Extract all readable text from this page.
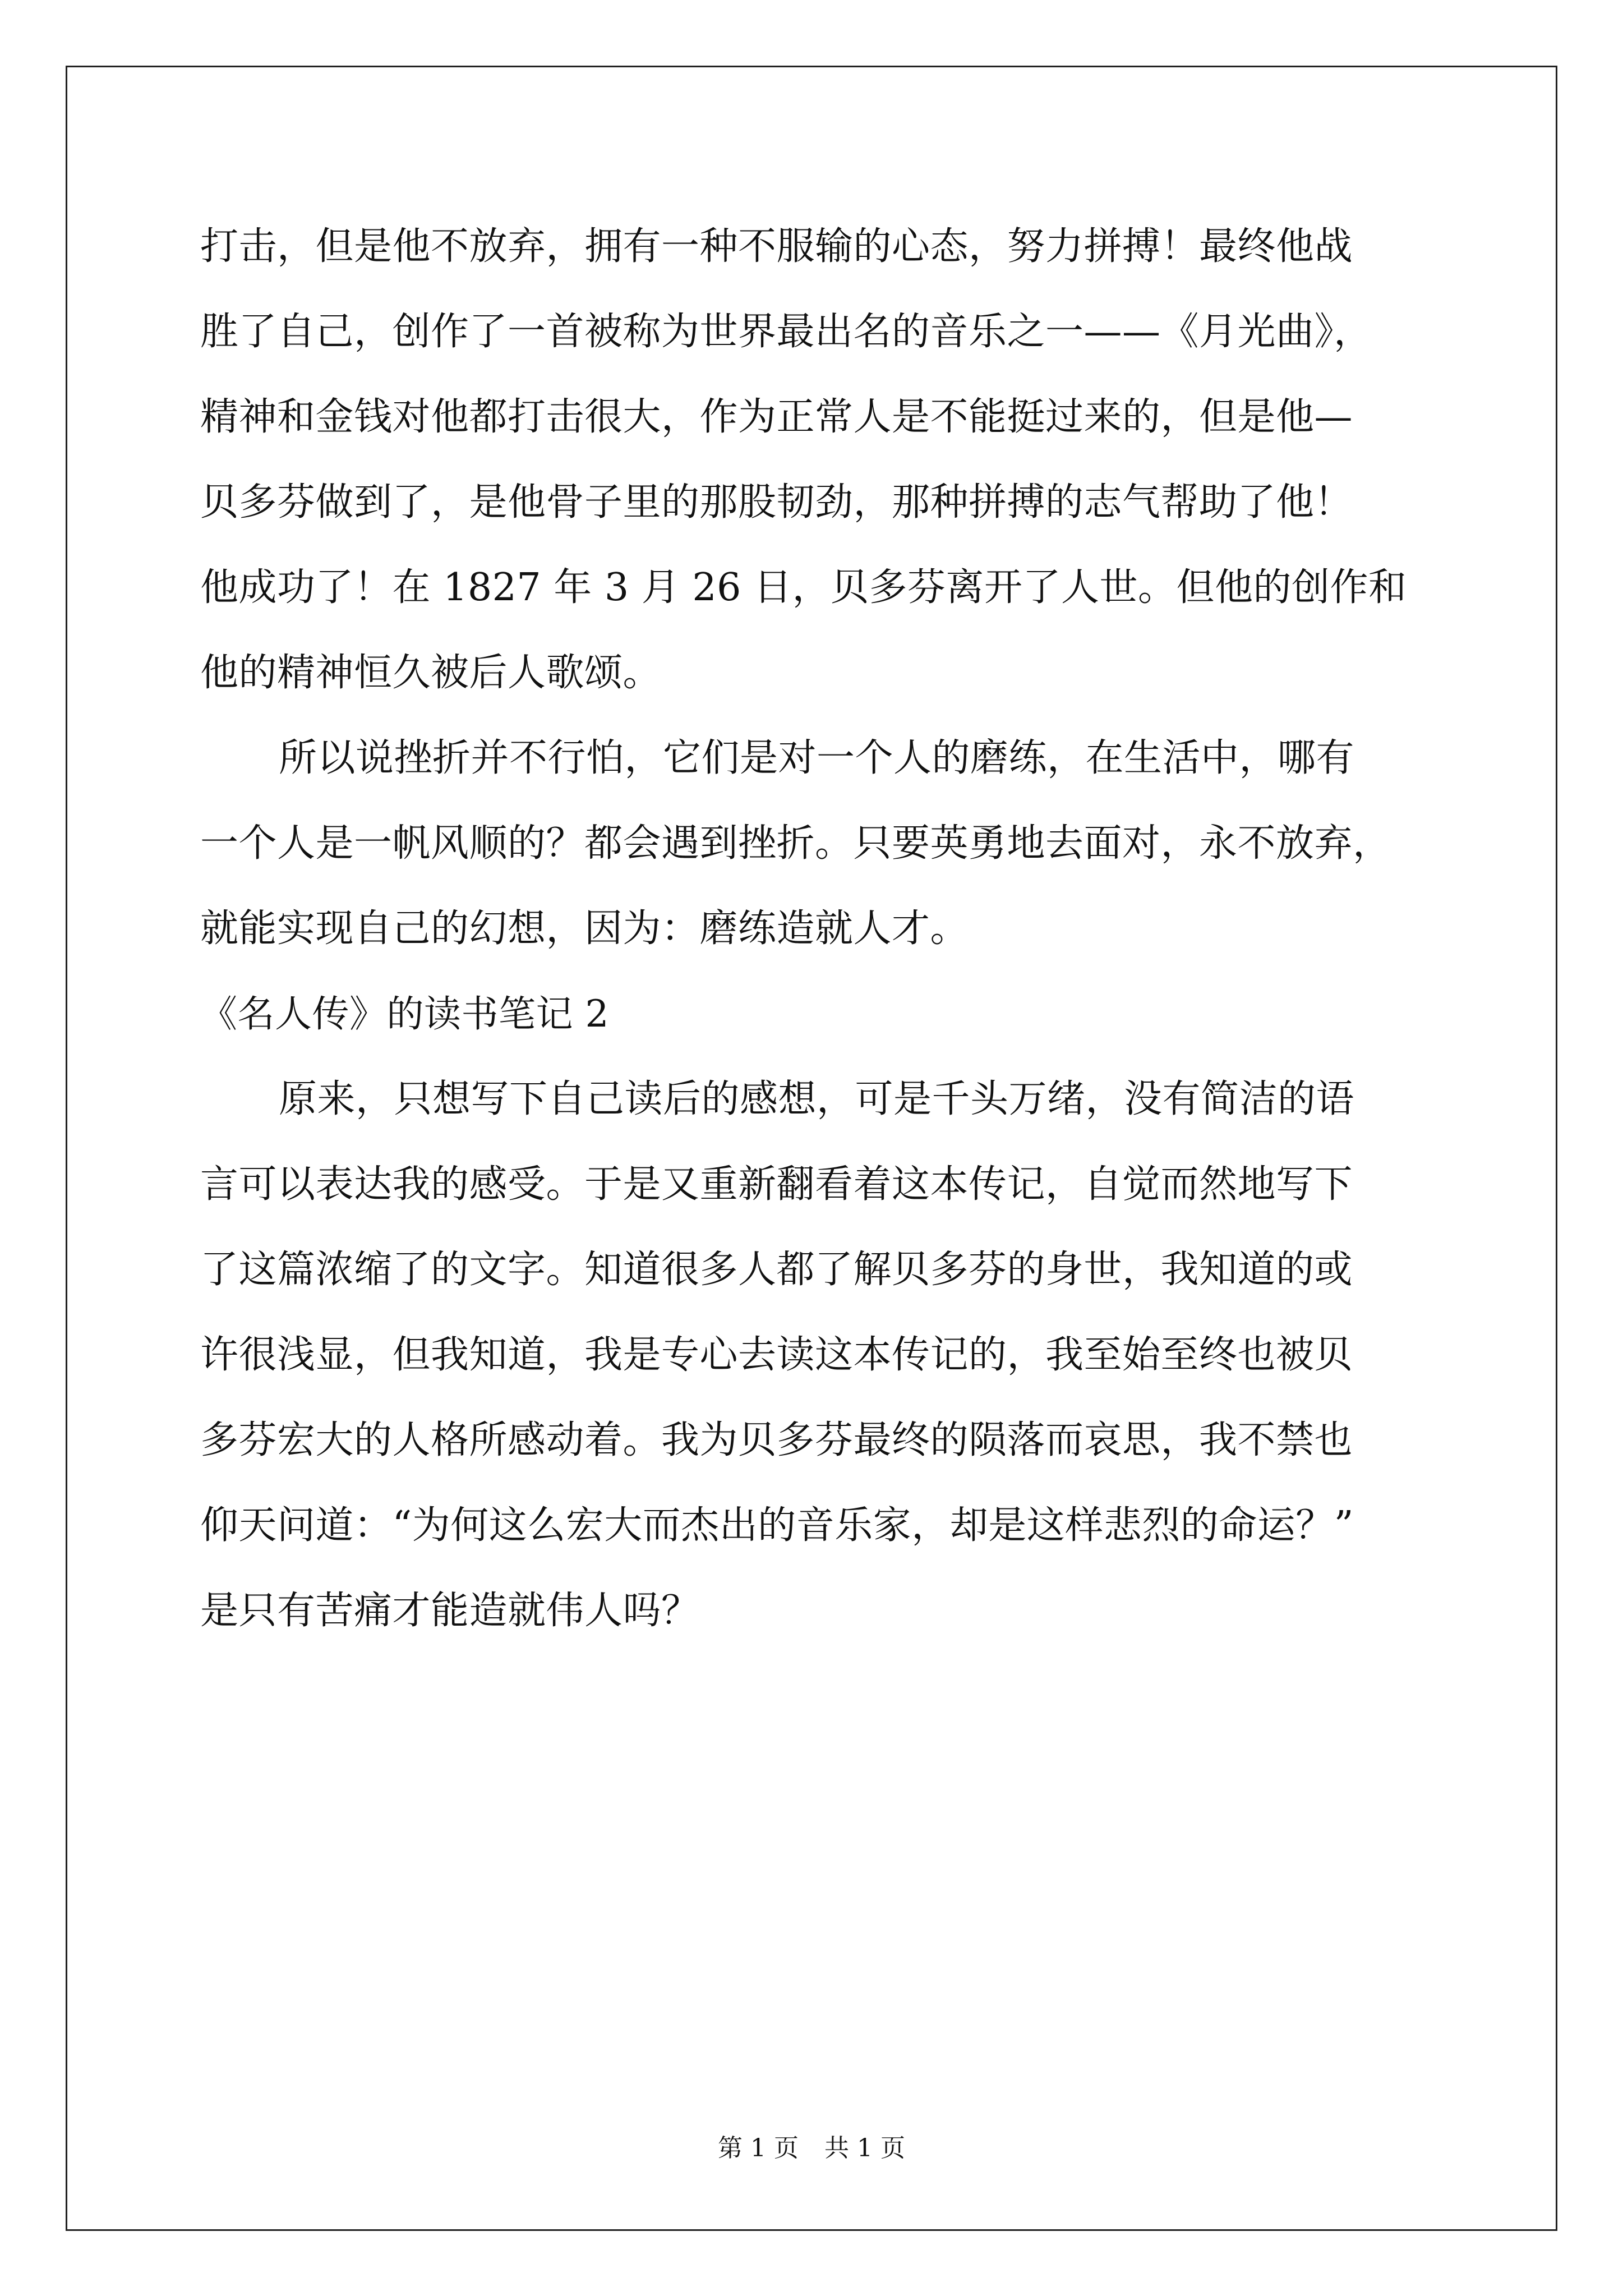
打击，但是他不放弃，拥有一种不服输的心态，努力拼搏！最终他战
胜了自己，创作了一首被称为世界最出名的音乐之一——《月光曲》，
精神和金钱对他都打击很大，作为正常人是不能挺过来的，但是他—
贝多芬做到了，是他骨子里的那股韧劲，那种拼搏的志气帮助了他！
他成功了！在 1827 年 3 月 26 日，贝多芬离开了人世。但他的创作和
他的精神恒久被后人歌颂。
所以说挫折并不行怕，它们是对一个人的磨练，在生活中，哪有
一个人是一帆风顺的？都会遇到挫折。只要英勇地去面对，永不放弃，
就能实现自己的幻想，因为：磨练造就人才。
《名人传》的读书笔记 2
原来，只想写下自己读后的感想，可是千头万绪，没有简洁的语
言可以表达我的感受。于是又重新翻看着这本传记，自觉而然地写下
了这篇浓缩了的文字。知道很多人都了解贝多芬的身世，我知道的或
许很浅显，但我知道，我是专心去读这本传记的，我至始至终也被贝
多芬宏大的人格所感动着。我为贝多芬最终的陨落而哀思，我不禁也
仰天问道：“为何这么宏大而杰出的音乐家，却是这样悲烈的命运？”
是只有苦痛才能造就伟人吗？
第 1 页 共 1 页
